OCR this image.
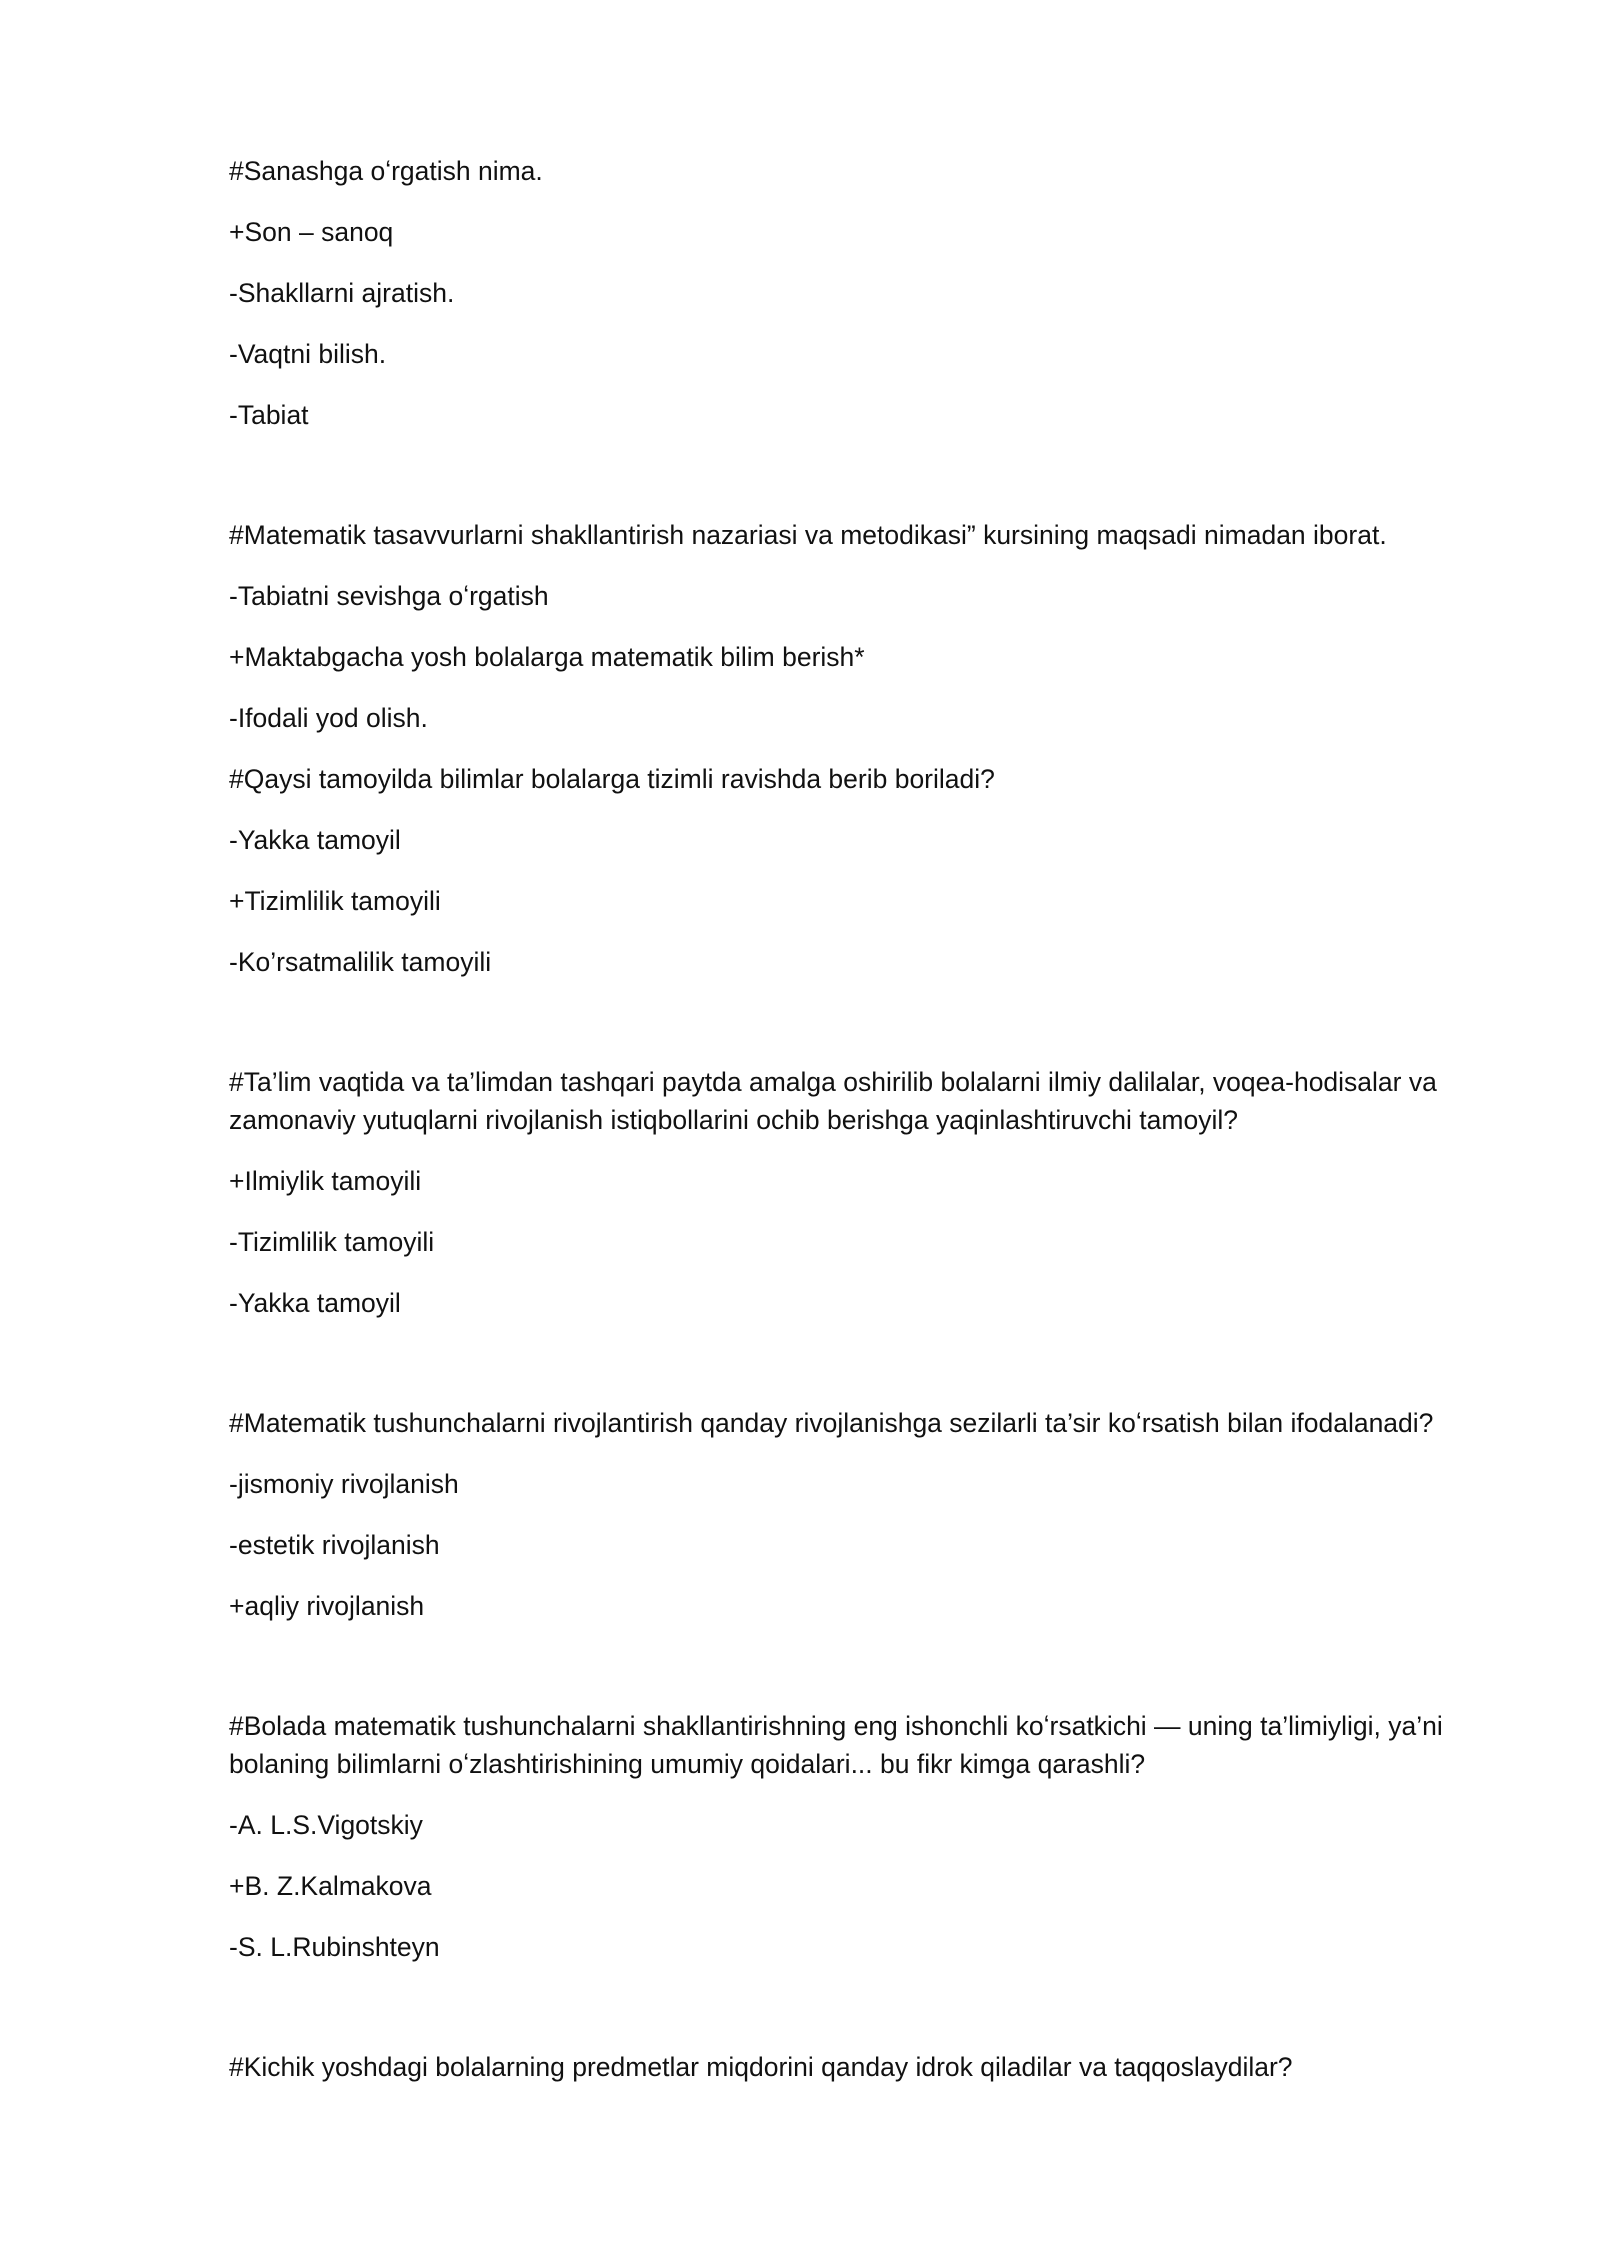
#Sanashga oʻrgatish nima.

+Son – sanoq

-Shakllarni ajratish.

-Vaqtni bilish.

-Tabiat

#Matematik tasavvurlarni shakllantirish nazariasi va metodikasi” kursining maqsadi nimadan iborat.

-Tabiatni sevishga oʻrgatish

+Maktabgacha yosh bolalarga matematik bilim berish*

-Ifodali yod olish.

#Qaysi tamoyilda bilimlar bolalarga tizimli ravishda berib boriladi?

-Yakka tamoyil

+Tizimlilik tamoyili

-Ko’rsatmalilik tamoyili

#Ta’lim vaqtida va ta’limdan tashqari paytda amalga oshirilib bolalarni ilmiy dalilalar, voqea-hodisalar va zamonaviy yutuqlarni rivojlanish istiqbollarini ochib berishga yaqinlashtiruvchi tamoyil?

+Ilmiylik tamoyili

-Tizimlilik tamoyili

-Yakka tamoyil

#Matematik tushunchalarni rivojlantirish qanday rivojlanishga sezilarli ta’sir koʻrsatish bilan ifodalanadi?

-jismoniy rivojlanish

-estetik rivojlanish

+aqliy rivojlanish

#Bolada matematik tushunchalarni shakllantirishning eng ishonchli koʻrsatkichi — uning ta’limiyligi, ya’ni bolaning bilimlarni oʻzlashtirishining umumiy qoidalari... bu fikr kimga qarashli?

-A. L.S.Vigotskiy

+B. Z.Kalmakova

-S. L.Rubinshteyn

#Kichik yoshdagi bolalarning predmetlar miqdorini qanday idrok qiladilar va taqqoslaydilar?
